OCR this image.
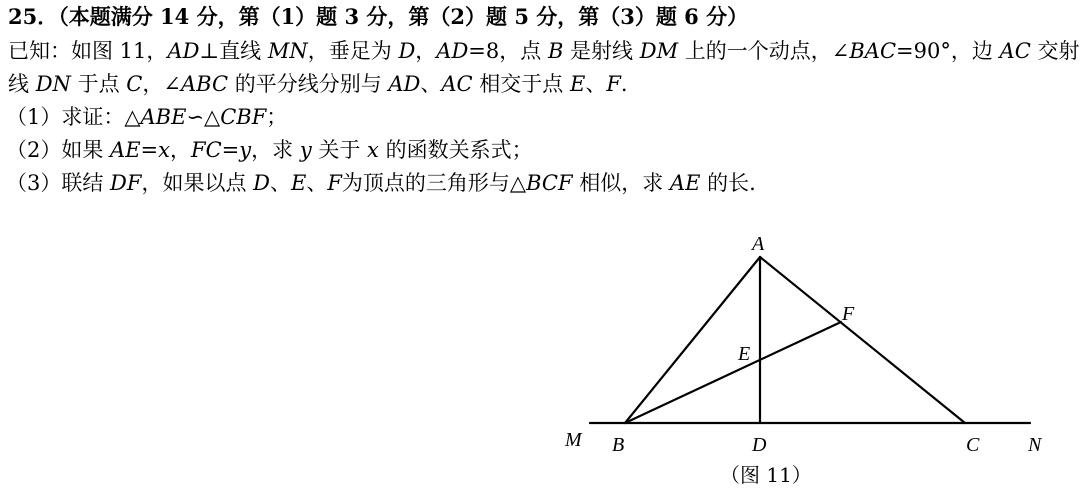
25．（本题满分 14 分，第（1）题 3 分，第（2）题 5 分，第（3）题 6 分）
已知：如图 11，AD⊥直线 MN，垂足为 D，AD=8，点 B 是射线 DM 上的一个动点，∠BAC=90°，边 AC 交射
线 DN 于点 C，∠ABC 的平分线分别与 AD、AC 相交于点 E、F.
（1）求证：△ABE∽△CBF；
（2）如果 AE=x，FC=y，求 y 关于 x 的函数关系式；
（3）联结 DF，如果以点 D、E、F为顶点的三角形与△BCF 相似，求 AE 的长.
A
F
E
M B	D	C N
（图 11）
